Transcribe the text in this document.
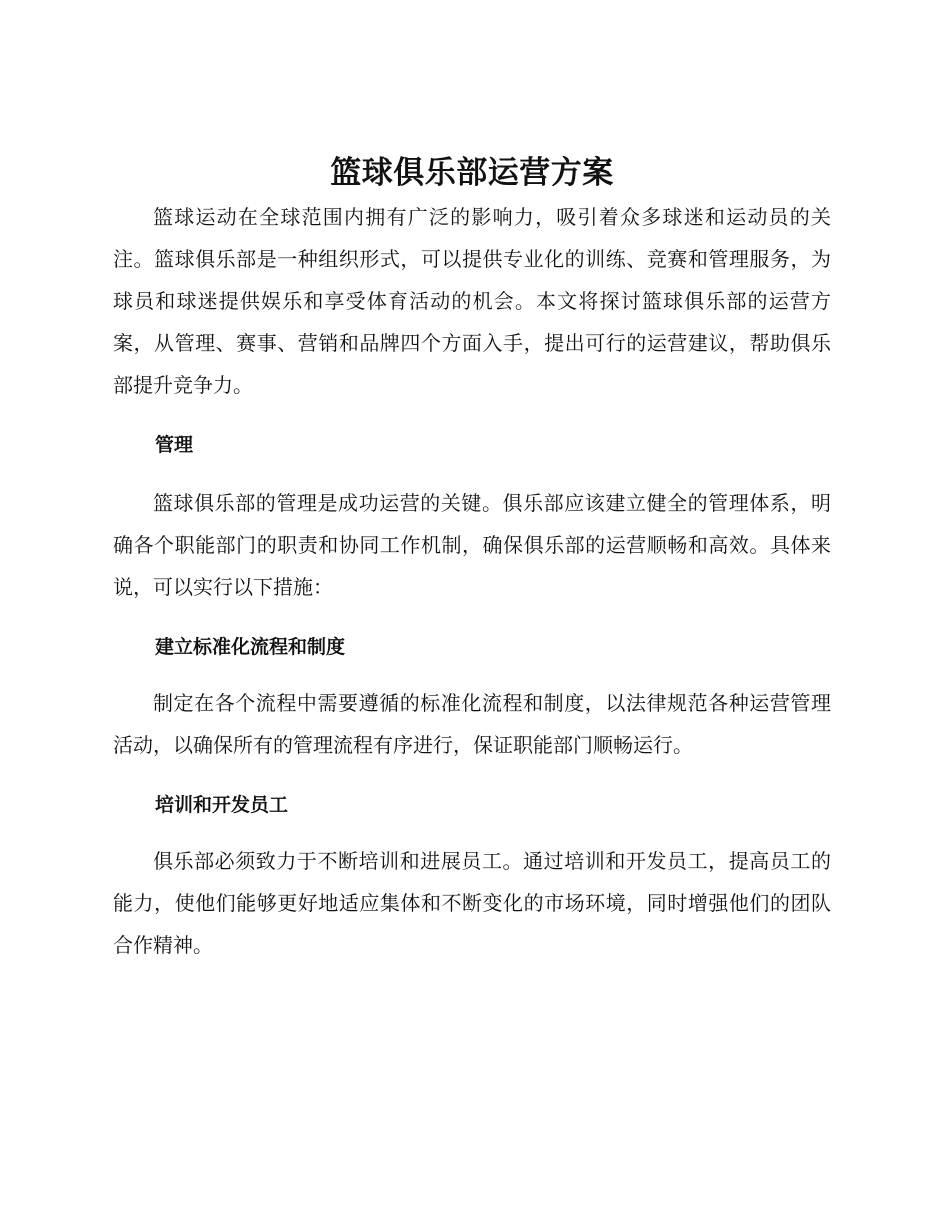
篮球俱乐部运营方案

篮球运动在全球范围内拥有广泛的影响力，吸引着众多球迷和运动员的关注。篮球俱乐部是一种组织形式，可以提供专业化的训练、竞赛和管理服务，为球员和球迷提供娱乐和享受体育活动的机会。本文将探讨篮球俱乐部的运营方案，从管理、赛事、营销和品牌四个方面入手，提出可行的运营建议，帮助俱乐部提升竞争力。

管理

篮球俱乐部的管理是成功运营的关键。俱乐部应该建立健全的管理体系，明确各个职能部门的职责和协同工作机制，确保俱乐部的运营顺畅和高效。具体来说，可以实行以下措施：

建立标准化流程和制度

制定在各个流程中需要遵循的标准化流程和制度，以法律规范各种运营管理活动，以确保所有的管理流程有序进行，保证职能部门顺畅运行。

培训和开发员工

俱乐部必须致力于不断培训和进展员工。通过培训和开发员工，提高员工的能力，使他们能够更好地适应集体和不断变化的市场环境，同时增强他们的团队合作精神。
